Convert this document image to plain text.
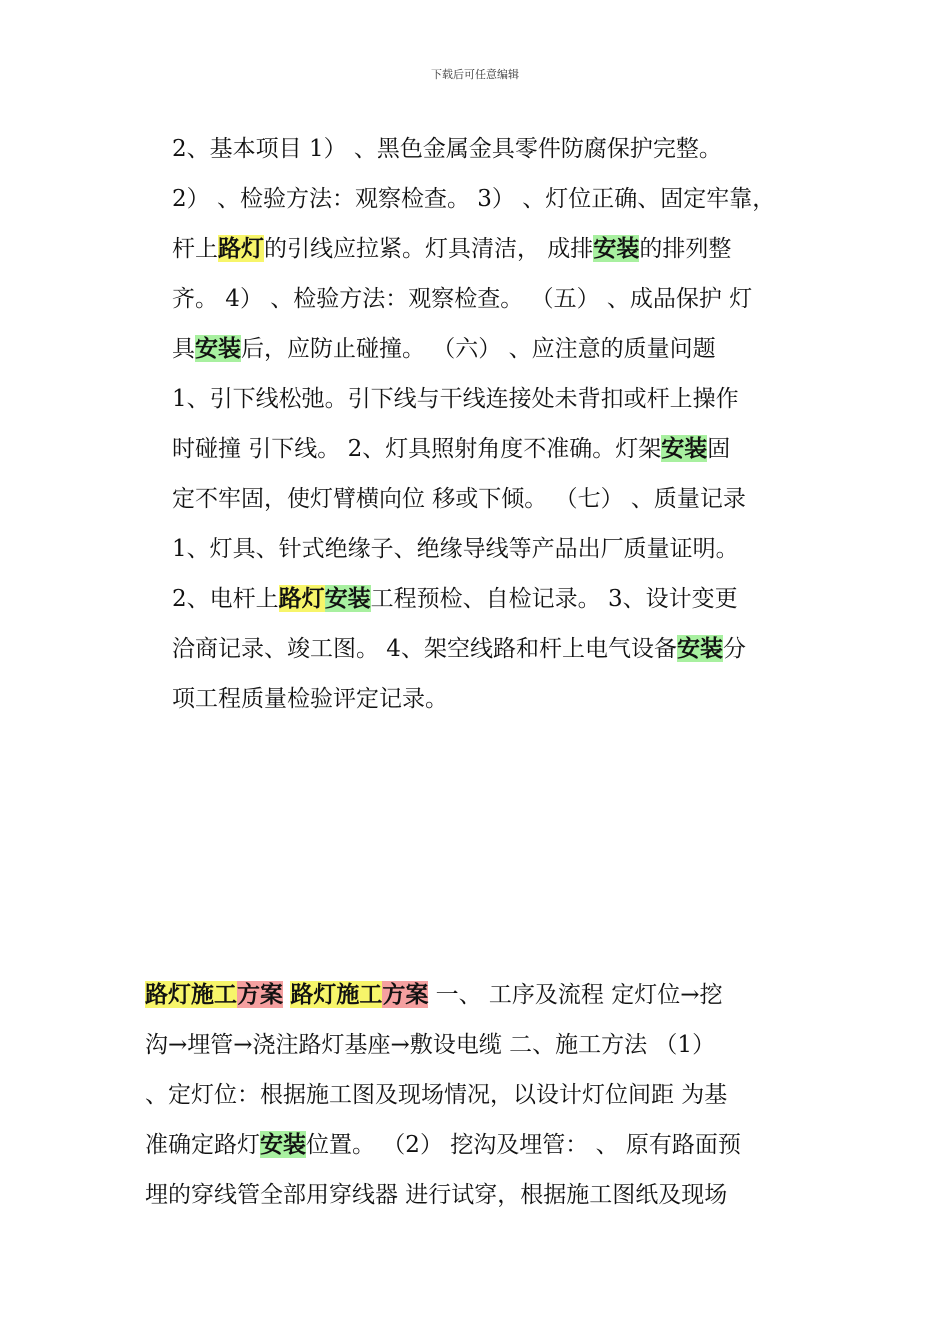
下载后可任意编辑
2、基本项目 1） 、黑色金属金具零件防腐保护完整。
2） 、检验方法：观察检查。 3） 、灯位正确、固定牢靠，
杆上路灯的引线应拉紧。灯具清洁， 成排安装的排列整
齐。 4） 、检验方法：观察检查。 （五） 、成品保护 灯
具安装后，应防止碰撞。 （六） 、应注意的质量问题
1、引下线松弛。引下线与干线连接处未背扣或杆上操作
时碰撞 引下线。 2、灯具照射角度不准确。灯架安装固
定不牢固，使灯臂横向位 移或下倾。 （七） 、质量记录
1、灯具、针式绝缘子、绝缘导线等产品出厂质量证明。
2、电杆上路灯安装工程预检、自检记录。 3、设计变更
洽商记录、竣工图。 4、架空线路和杆上电气设备安装分
项工程质量检验评定记录。
路灯施工方案 路灯施工方案 一、 工序及流程 定灯位→挖
沟→埋管→浇注路灯基座→敷设电缆 二、施工方法 （1）
、定灯位：根据施工图及现场情况，以设计灯位间距 为基
准确定路灯安装位置。 （2） 挖沟及埋管： 、 原有路面预
埋的穿线管全部用穿线器 进行试穿，根据施工图纸及现场
